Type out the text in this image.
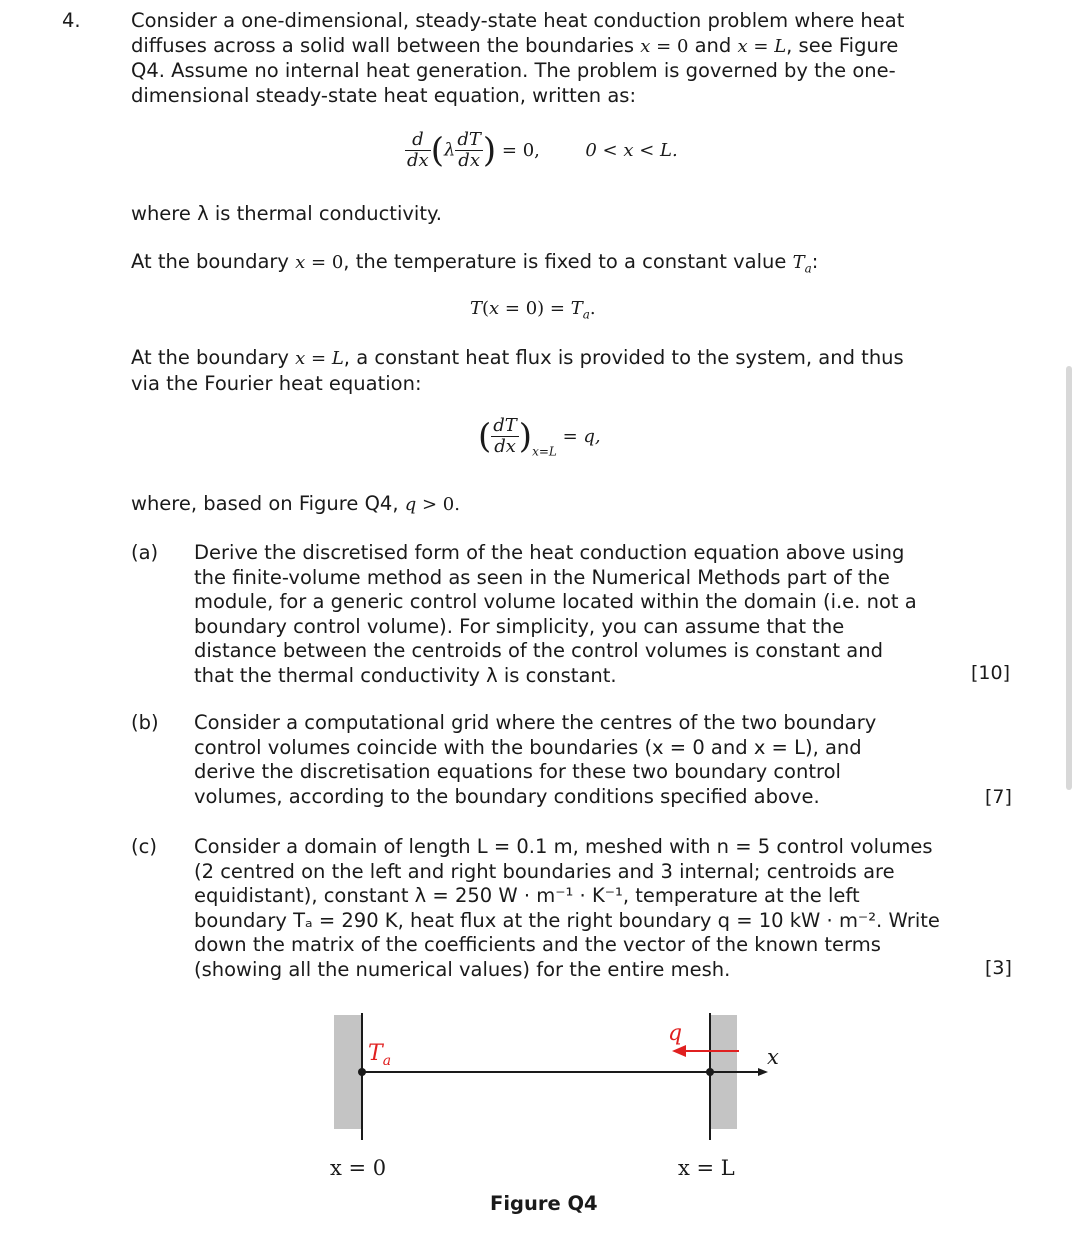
4.	Consider a one-dimensional, steady-state heat conduction problem where heat
diffuses across a solid wall between the boundaries x = 0 and x = L, see Figure
Q4. Assume no internal heat generation. The problem is governed by the one-
dimensional steady-state heat equation, written as:
$\frac{d}{dx} (\lambda \frac{dT}{dx}$ ) = 0,	0 < x < L.
where λ is thermal conductivity.
At the boundary x = 0, the temperature is fixed to a constant value $T_a$:
$T(x = 0) = T_a$.
At the boundary x = L, a constant heat flux is provided to the system, and thus
via the Fourier heat equation:
( $\frac{dT}{dx} )_{x=L} = q$,
where, based on Figure Q4, q > 0.
(a) Derive the discretised form of the heat conduction equation above using
the finite-volume method as seen in the Numerical Methods part of the
module, for a generic control volume located within the domain (i.e. not a
boundary control volume). For simplicity, you can assume that the
distance between the centroids of the control volumes is constant and
that the thermal conductivity λ is constant.	[10]
(b) Consider a computational grid where the centres of the two boundary
control volumes coincide with the boundaries (x = 0 and x = L), and
derive the discretisation equations for these two boundary control
volumes, according to the boundary conditions specified above.	[7]
(c) Consider a domain of length L = 0.1 m, meshed with n = 5 control volumes
(2 centred on the left and right boundaries and 3 internal; centroids are
equidistant), constant λ = 250 W · m⁻¹ · K⁻¹, temperature at the left
boundary Tₐ = 290 K, heat flux at the right boundary q = 10 kW · m⁻². Write
down the matrix of the coefficients and the vector of the known terms
(showing all the numerical values) for the entire mesh.	[3]
$T_a$
q
x
x = 0	x = L
Figure Q4
